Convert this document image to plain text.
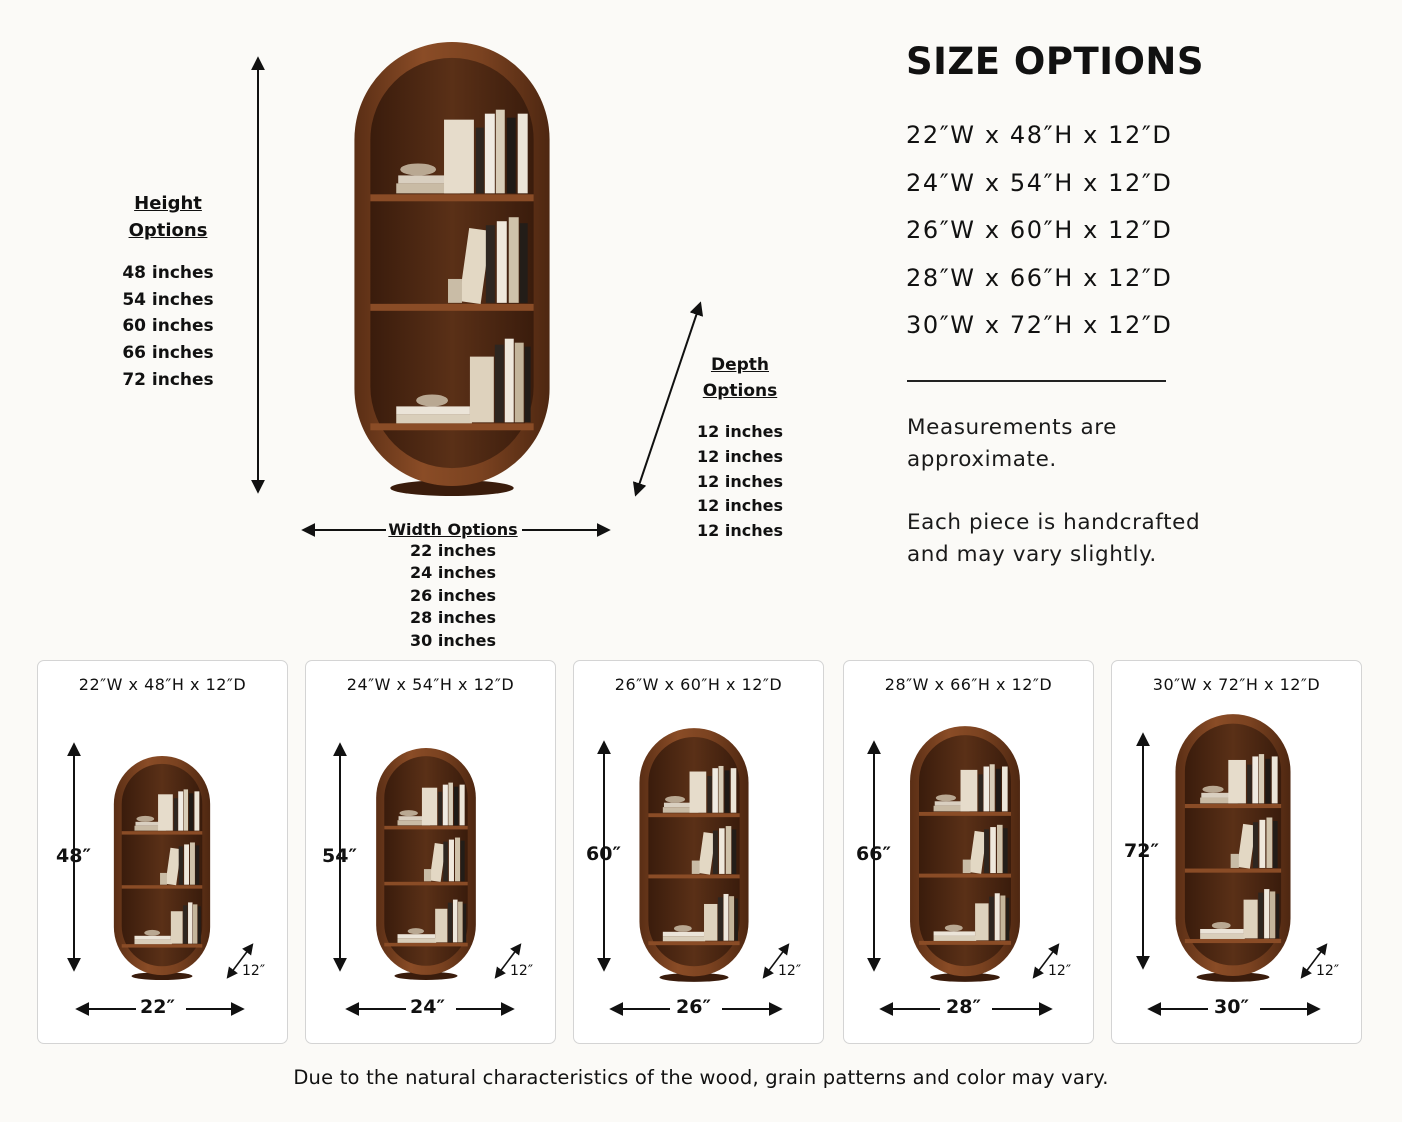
Height
Options
48 inches
54 inches
60 inches
66 inches
72 inches
Depth
Options
12 inches
12 inches
12 inches
12 inches
12 inches
Width Options
22 inches
24 inches
26 inches
28 inches
30 inches
SIZE OPTIONS
22″W x 48″H x 12″D
24″W x 54″H x 12″D
26″W x 60″H x 12″D
28″W x 66″H x 12″D
30″W x 72″H x 12″D
Measurements are
approximate.
Each piece is handcrafted
and may vary slightly.
22″W x 48″H x 12″D
48″
12″
22″
24″W x 54″H x 12″D
54″
12″
24″
26″W x 60″H x 12″D
60″
12″
26″
28″W x 66″H x 12″D
66″
12″
28″
30″W x 72″H x 12″D
72″
12″
30″
Due to the natural characteristics of the wood, grain patterns and color may vary.
